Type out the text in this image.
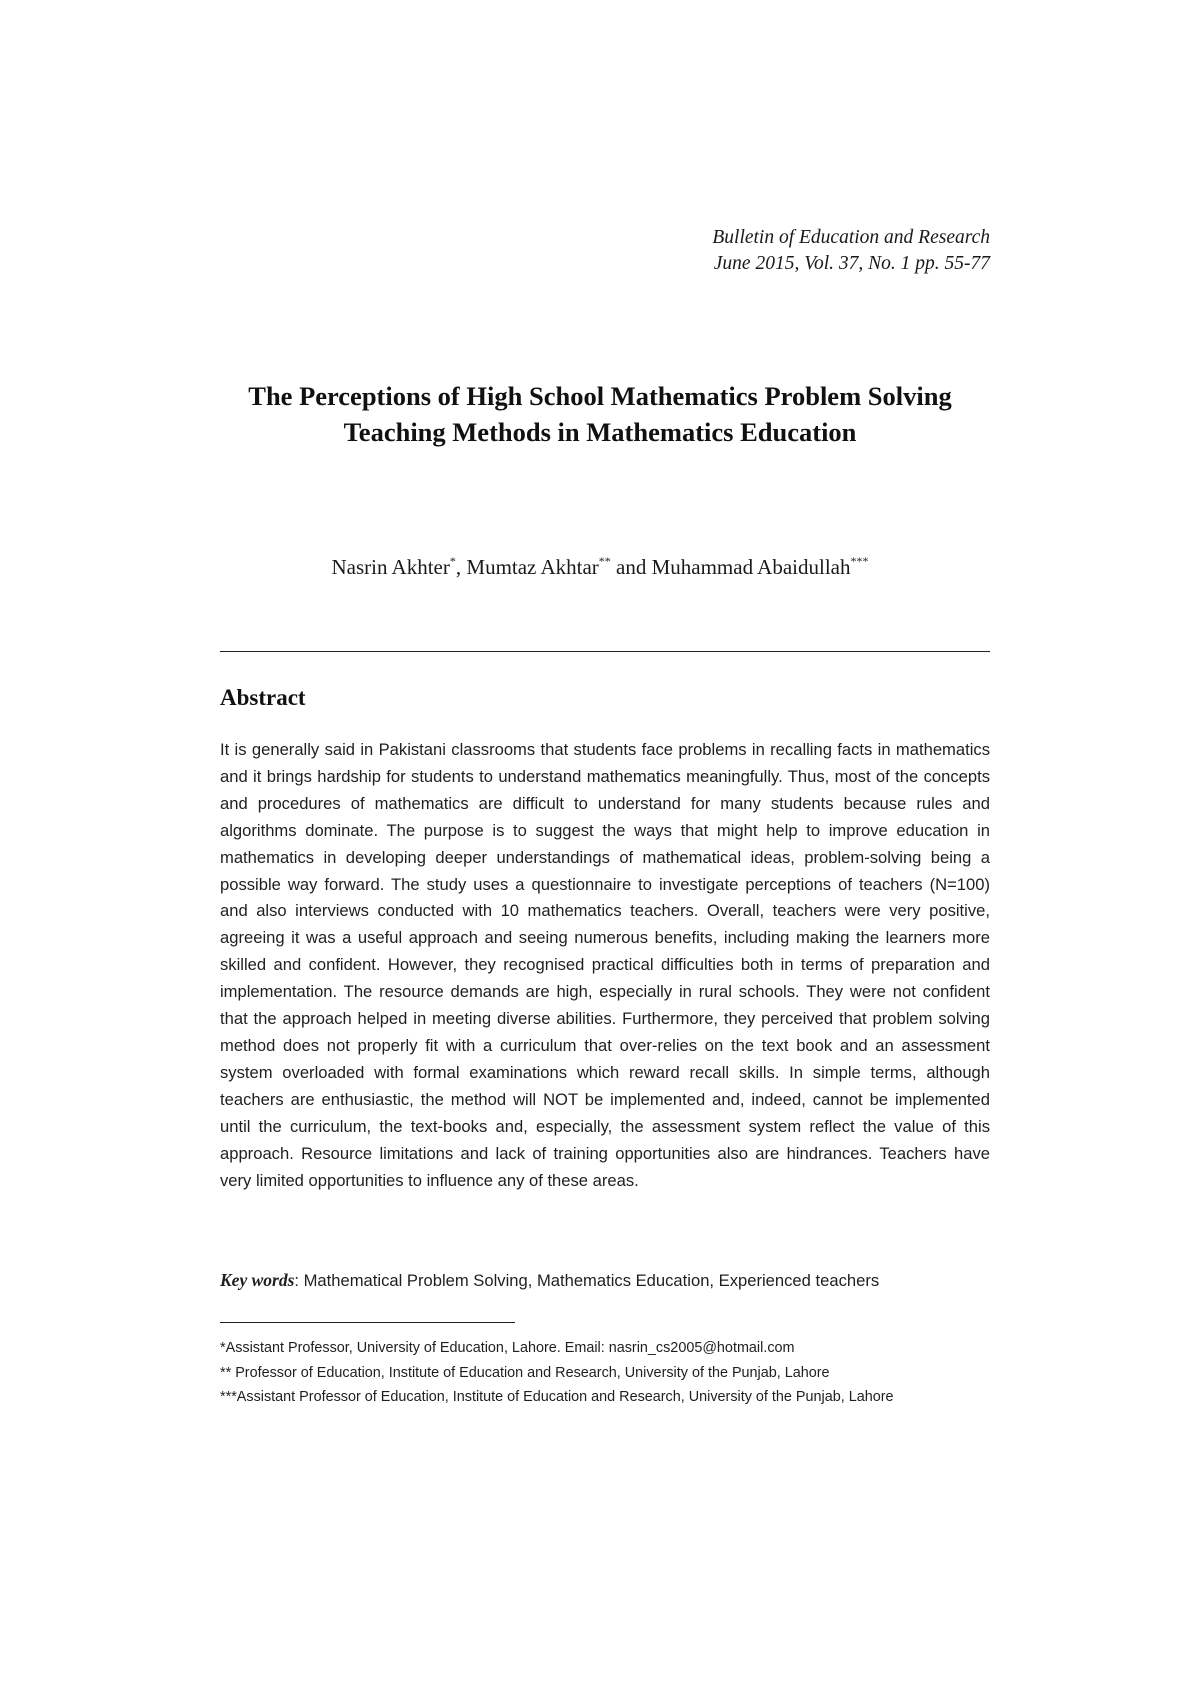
Bulletin of Education and Research
June 2015, Vol. 37, No. 1 pp. 55-77
The Perceptions of High School Mathematics Problem Solving
Teaching Methods in Mathematics Education
Nasrin Akhter*, Mumtaz Akhtar** and Muhammad Abaidullah***
Abstract

It is generally said in Pakistani classrooms that students face problems in recalling facts in mathematics and it brings hardship for students to understand mathematics meaningfully. Thus, most of the concepts and procedures of mathematics are difficult to understand for many students because rules and algorithms dominate. The purpose is to suggest the ways that might help to improve education in mathematics in developing deeper understandings of mathematical ideas, problem-solving being a possible way forward. The study uses a questionnaire to investigate perceptions of teachers (N=100) and also interviews conducted with 10 mathematics teachers. Overall, teachers were very positive, agreeing it was a useful approach and seeing numerous benefits, including making the learners more skilled and confident. However, they recognised practical difficulties both in terms of preparation and implementation. The resource demands are high, especially in rural schools. They were not confident that the approach helped in meeting diverse abilities. Furthermore, they perceived that problem solving method does not properly fit with a curriculum that over-relies on the text book and an assessment system overloaded with formal examinations which reward recall skills. In simple terms, although teachers are enthusiastic, the method will NOT be implemented and, indeed, cannot be implemented until the curriculum, the text-books and, especially, the assessment system reflect the value of this approach. Resource limitations and lack of training opportunities also are hindrances. Teachers have very limited opportunities to influence any of these areas.

Key words: Mathematical Problem Solving, Mathematics Education, Experienced teachers
*Assistant Professor, University of Education, Lahore. Email: nasrin_cs2005@hotmail.com
** Professor of Education, Institute of Education and Research, University of the Punjab, Lahore
***Assistant Professor of Education, Institute of Education and Research, University of the Punjab, Lahore
